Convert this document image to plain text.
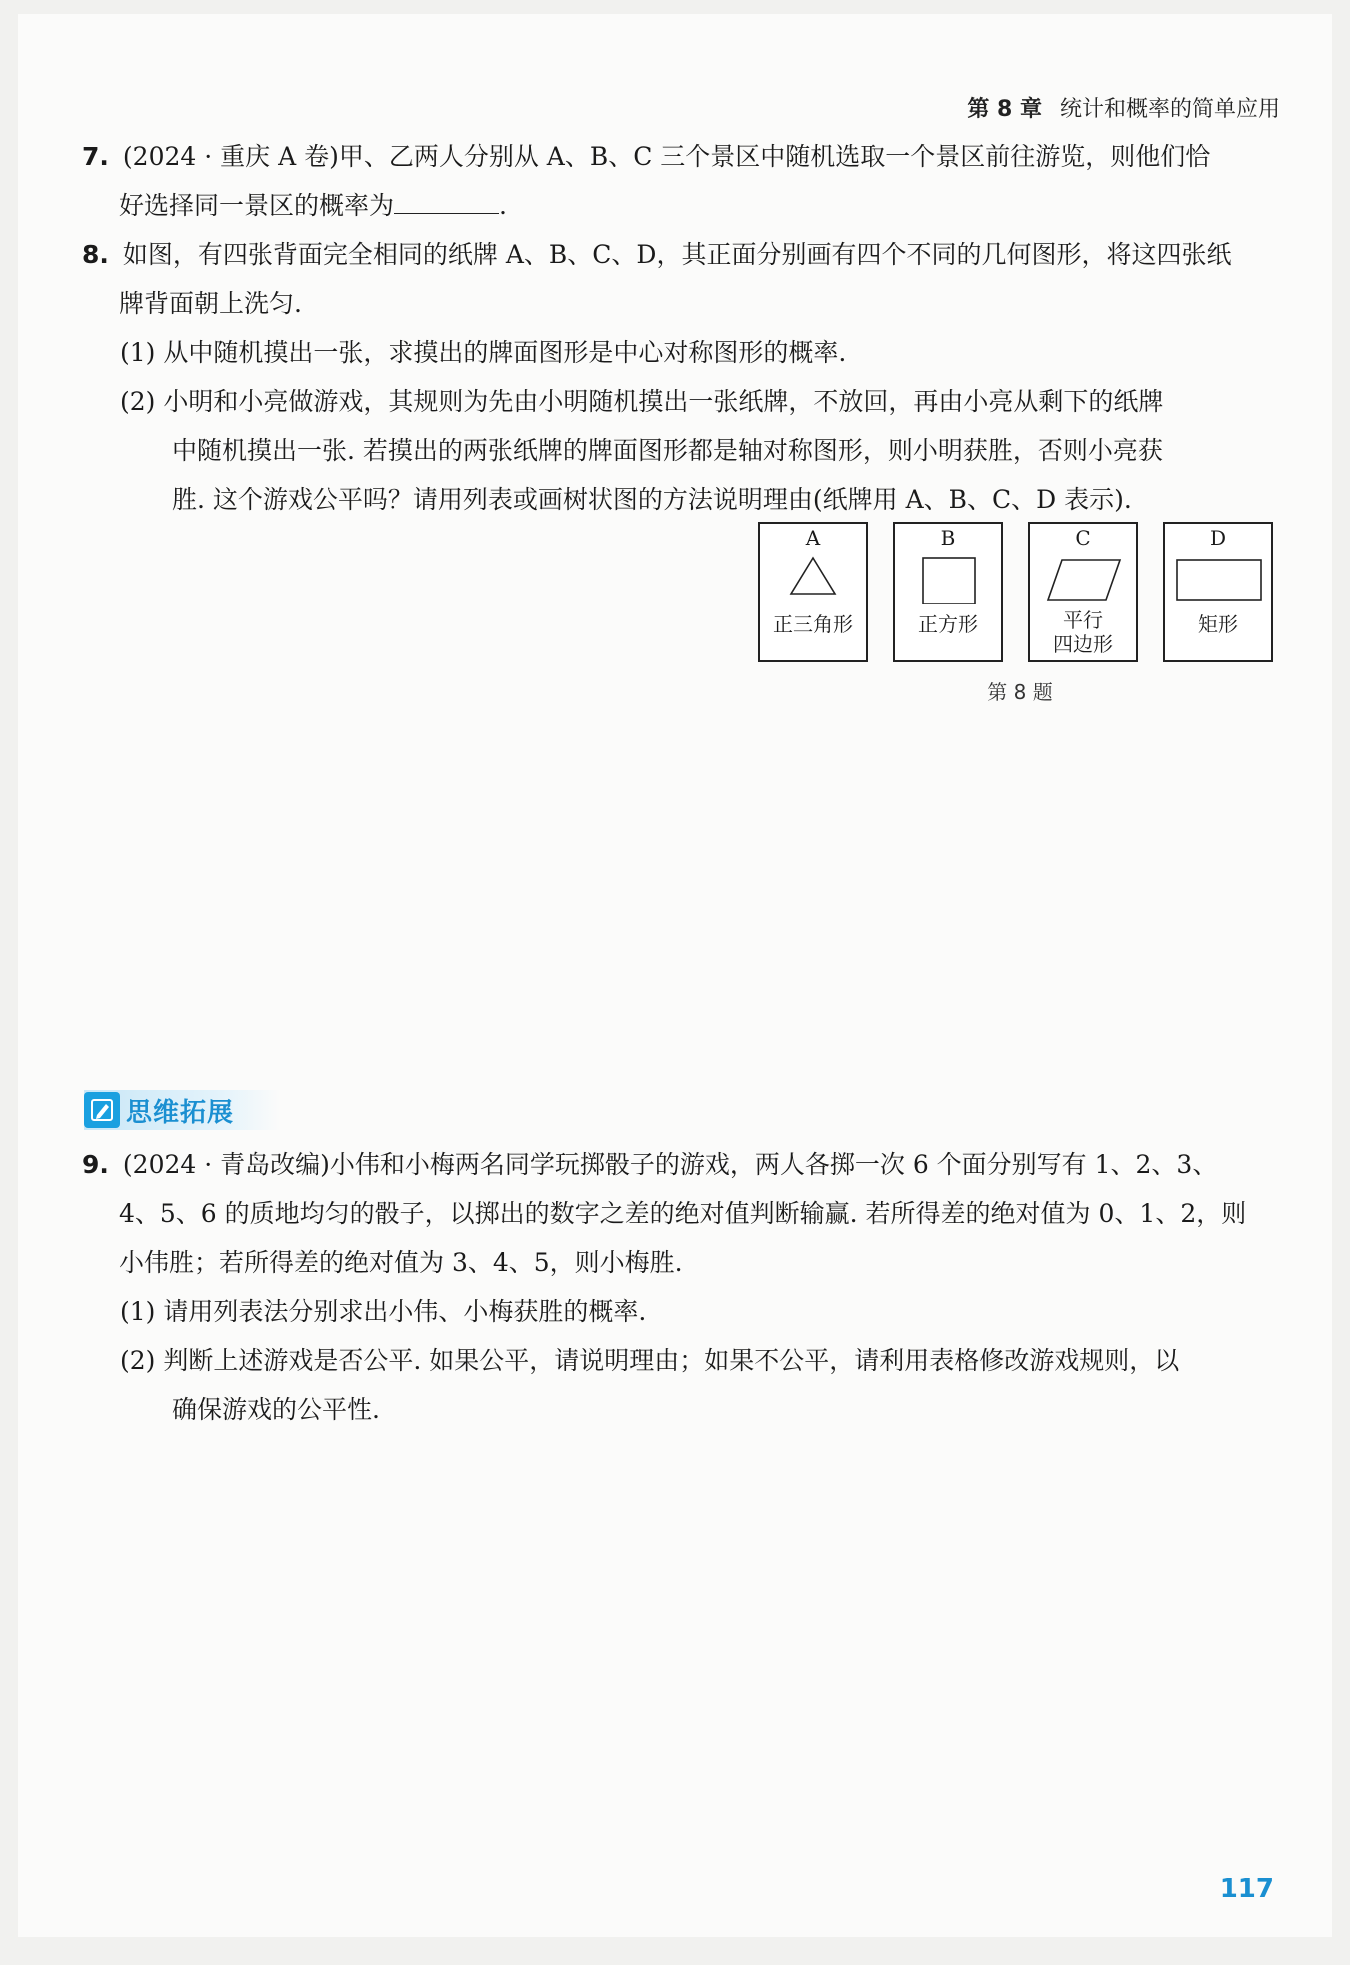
第 8 章 统计和概率的简单应用
7. (2024 · 重庆 A 卷)甲、乙两人分别从 A、B、C 三个景区中随机选取一个景区前往游览，则他们恰
好选择同一景区的概率为	.
8. 如图，有四张背面完全相同的纸牌 A、B、C、D，其正面分别画有四个不同的几何图形，将这四张纸
牌背面朝上洗匀.
(1) 从中随机摸出一张，求摸出的牌面图形是中心对称图形的概率.
(2) 小明和小亮做游戏，其规则为先由小明随机摸出一张纸牌，不放回，再由小亮从剩下的纸牌
中随机摸出一张. 若摸出的两张纸牌的牌面图形都是轴对称图形，则小明获胜，否则小亮获
胜. 这个游戏公平吗？请用列表或画树状图的方法说明理由(纸牌用 A、B、C、D 表示).
A
正三角形
B
正方形
C
平行
四边形
D
矩形
第 8 题
思维拓展
9. (2024 · 青岛改编)小伟和小梅两名同学玩掷骰子的游戏，两人各掷一次 6 个面分别写有 1、2、3、
4、5、6 的质地均匀的骰子，以掷出的数字之差的绝对值判断输赢. 若所得差的绝对值为 0、1、2，则
小伟胜；若所得差的绝对值为 3、4、5，则小梅胜.
(1) 请用列表法分别求出小伟、小梅获胜的概率.
(2) 判断上述游戏是否公平. 如果公平，请说明理由；如果不公平，请利用表格修改游戏规则，以
确保游戏的公平性.
117
